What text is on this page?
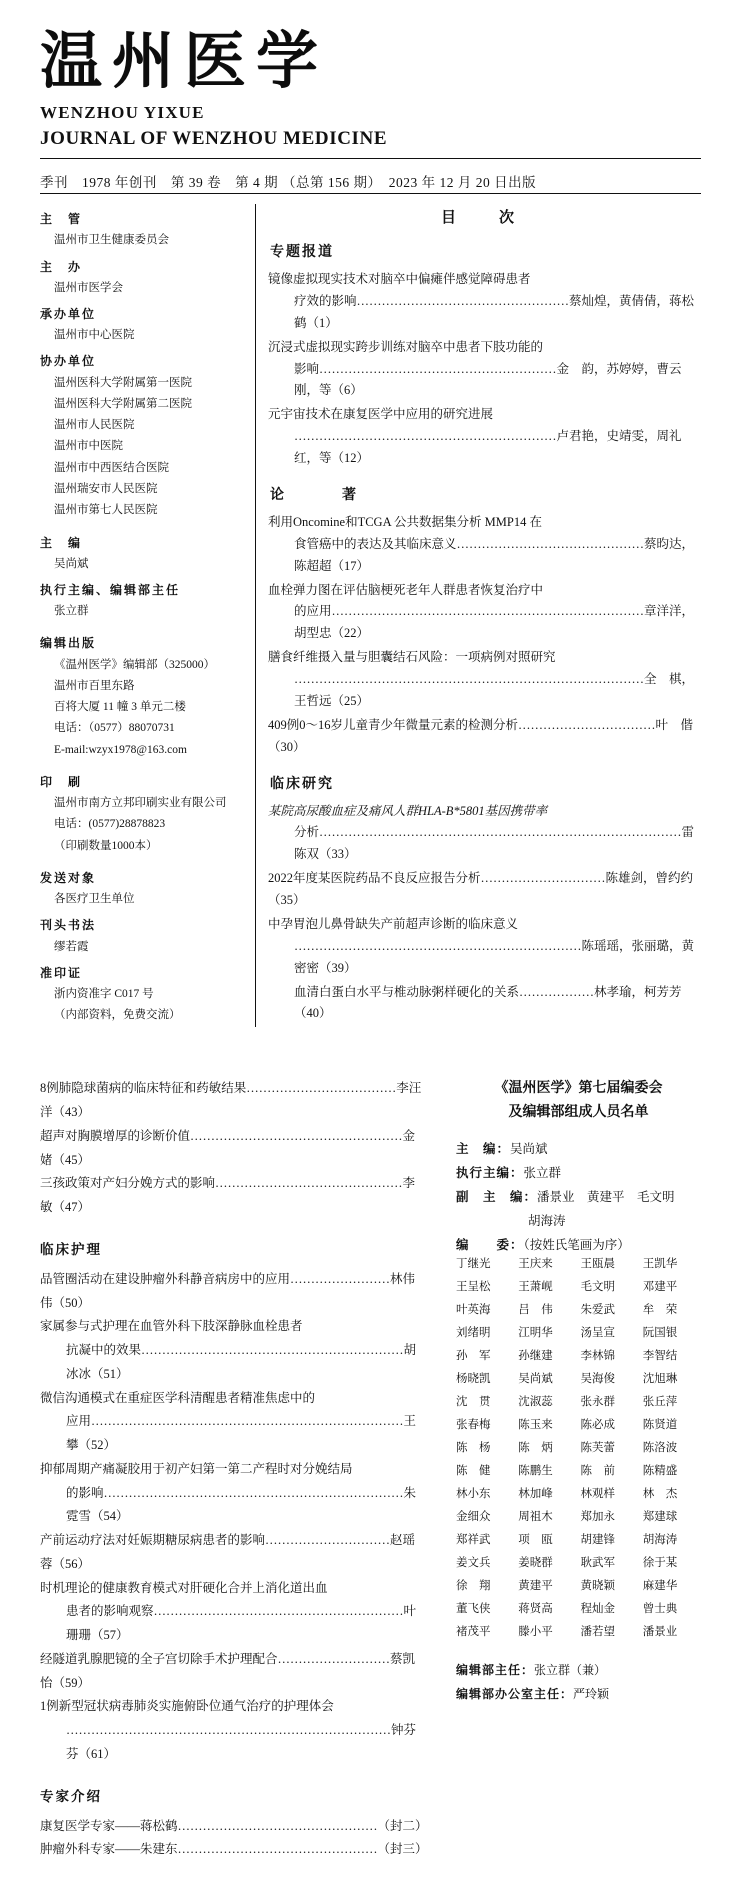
温州医学
WENZHOU YIXUE
JOURNAL OF WENZHOU MEDICINE
季刊　1978 年创刊　第 39 卷　第 4 期 （总第 156 期）　2023 年 12 月 20 日出版
主　管
温州市卫生健康委员会
主　办
温州市医学会
承办单位
温州市中心医院
协办单位
温州医科大学附属第一医院
温州医科大学附属第二医院
温州市人民医院
温州市中医院
温州市中西医结合医院
温州瑞安市人民医院
温州市第七人民医院
主　编
吴尚斌
执行主编、编辑部主任
张立群
编辑出版
《温州医学》编辑部（325000）
温州市百里东路
百将大厦 11 幢 3 单元二楼
电话：（0577）88070731
E-mail:wzyx1978@163.com
印　刷
温州市南方立邦印刷实业有限公司
电话：(0577)28878823
（印刷数量1000本）
发送对象
各医疗卫生单位
刊头书法
缪若霞
准印证
浙内资准字 C017 号
（内部资料，免费交流）
目　次
专题报道
镜像虚拟现实技术对脑卒中偏瘫伴感觉障碍患者
疗效的影响……………………………………………蔡灿煌，黄倩倩，蒋松鹤（1）
沉浸式虚拟现实跨步训练对脑卒中患者下肢功能的
影响…………………………………………………金　韵，苏婷婷，曹云刚，等（6）
元宇宙技术在康复医学中应用的研究进展
………………………………………………………卢君艳，史靖雯，周礼红，等（12）
论　　著
利用Oncomine和TCGA 公共数据集分析 MMP14 在
食管癌中的表达及其临床意义………………………………………蔡昀达，陈超超（17）
血栓弹力图在评估脑梗死老年人群患者恢复治疗中
的应用…………………………………………………………………章洋洋，胡型忠（22）
膳食纤维摄入量与胆囊结石风险：一项病例对照研究
…………………………………………………………………………全　棋，王哲远（25）
409例0～16岁儿童青少年微量元素的检测分析……………………………叶　偕（30）
临床研究
某院高尿酸血症及痛风人群HLA-B*5801基因携带率
分析……………………………………………………………………………雷陈双（33）
2022年度某医院药品不良反应报告分析…………………………陈雄剑，曾约约（35）
中孕胃泡儿鼻骨缺失产前超声诊断的临床意义
……………………………………………………………陈瑶瑶，张丽璐，黄密密（39）
血清白蛋白水平与椎动脉粥样硬化的关系………………林孝瑜，柯芳芳（40）
8例肺隐球菌病的临床特征和药敏结果………………………………李汪洋（43）
超声对胸膜增厚的诊断价值……………………………………………金　媎（45）
三孩政策对产妇分娩方式的影响………………………………………李　敏（47）
临床护理
品管圈活动在建设肿瘤外科静音病房中的应用……………………林伟伟（50）
家属参与式护理在血管外科下肢深静脉血栓患者
抗凝中的效果………………………………………………………胡冰冰（51）
微信沟通模式在重症医学科清醒患者精准焦虑中的
应用…………………………………………………………………王　攀（52）
抑郁周期产痛凝胶用于初产妇第一第二产程时对分娩结局
的影响………………………………………………………………朱霓雪（54）
产前运动疗法对妊娠期糖尿病患者的影响…………………………赵瑶蓉（56）
时机理论的健康教育模式对肝硬化合并上消化道出血
患者的影响观察……………………………………………………叶珊珊（57）
经隧道乳腺肥镜的全子宫切除手术护理配合………………………蔡凯怡（59）
1例新型冠状病毒肺炎实施俯卧位通气治疗的护理体会
……………………………………………………………………钟芬芬（61）
专家介绍
康复医学专家——蒋松鹤…………………………………………（封二）
肿瘤外科专家——朱建东…………………………………………（封三）
《温州医学》第七届编委会
及编辑部组成人员名单
主　编：吴尚斌
执行主编：张立群
副　主　编：潘景业　黄建平　毛文明
胡海涛
编　　委：（按姓氏笔画为序）
丁继光	王庆来	王瓯晨	王凯华
王呈松	王萧岘	毛文明	邓建平
叶英海	吕　伟	朱爱武	牟　荣
刘绪明	江明华	汤呈宣	阮国银
孙　军	孙继建	李林锦	李智结
杨晓凯	吴尚斌	吴海俊	沈旭琳
沈　贯	沈淑蕊	张永群	张丘萍
张春梅	陈玉来	陈必成	陈贤道
陈　杨	陈　炳	陈芙蕾	陈洛波
陈　健	陈鹏生	陈　前	陈精盛
林小东	林加峰	林观样	林　杰
金细众	周祖木	郑加永	郑建球
郑祥武	项　瓯	胡建锋	胡海涛
姜文兵	姜晓群	耿武军	徐于某
徐　翔	黄建平	黄晓颖	麻建华
董飞侠	蒋贤高	程灿金	曾士典
褚茂平	滕小平	潘若望	潘景业
编辑部主任：张立群（兼）
编辑部办公室主任：严玲颖
